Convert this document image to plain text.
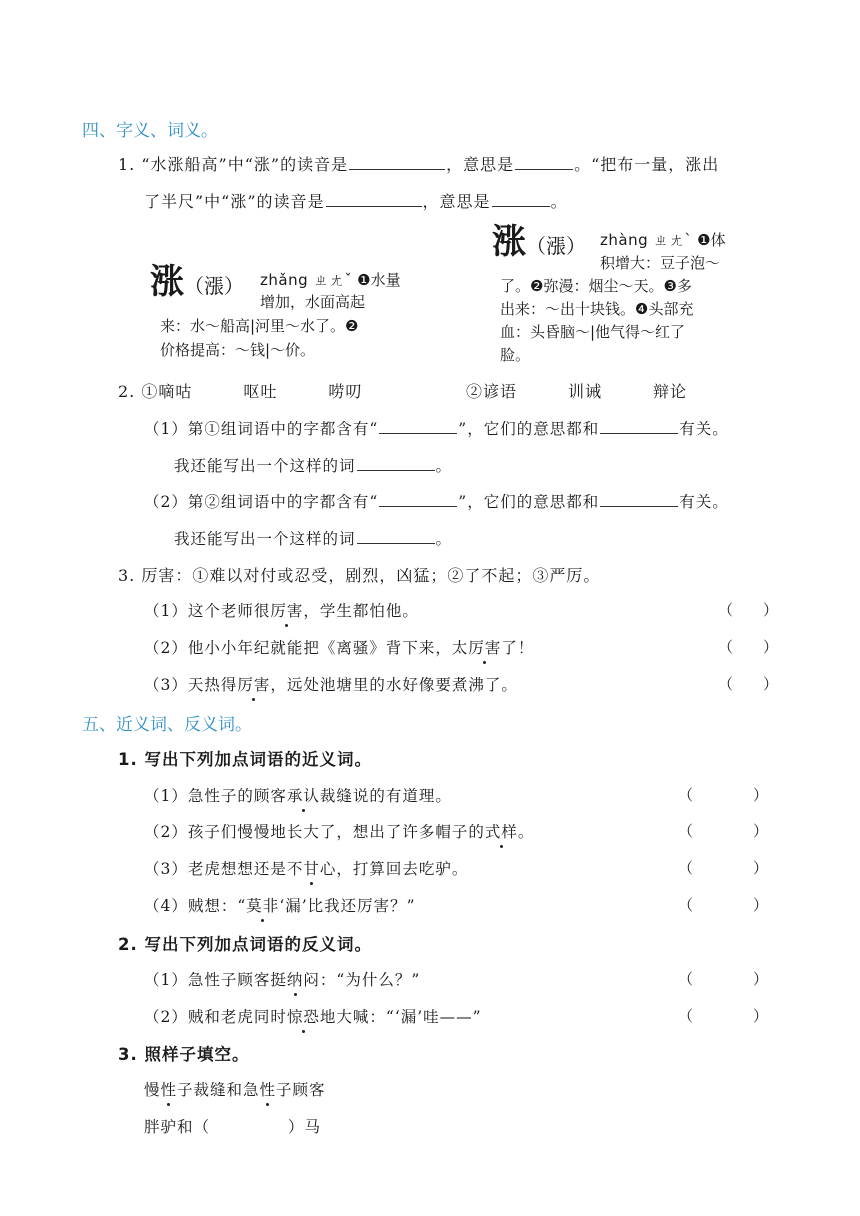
四、字义、词义。
1. “水涨船高”中“涨”的读音是	，意思是	。“把布一量，涨出
了半尺”中“涨”的读音是	，意思是	。
涨（漲） zhǎng ㄓㄤˇ ❶水量
增加，水面高起
来：水～船高|河里～水了。❷
价格提高：～钱|～价。
涨（漲） zhàng ㄓㄤˋ ❶体
积增大：豆子泡～
了。❷弥漫：烟尘～天。❸多
出来：～出十块钱。❹头部充
血：头昏脑～|他气得～红了
脸。
2. ①嘀咕　　　呕吐　　　唠叨	②谚语　　　训诫　　　辩论
（1）第①组词语中的字都含有“	”，它们的意思都和	有关。
我还能写出一个这样的词	。
（2）第②组词语中的字都含有“	”，它们的意思都和	有关。
我还能写出一个这样的词	。
3. 厉害：①难以对付或忍受，剧烈，凶猛；②了不起；③严厉。
（1）这个老师很厉害，学生都怕他。	（　　）
（2）他小小年纪就能把《离骚》背下来，太厉害了！	（　　）
（3）天热得厉害，远处池塘里的水好像要煮沸了。	（　　）
五、近义词、反义词。
1. 写出下列加点词语的近义词。
（1）急性子的顾客承认裁缝说的有道理。	（　　　　）
（2）孩子们慢慢地长大了，想出了许多帽子的式样。	（　　　　）
（3）老虎想想还是不甘心，打算回去吃驴。	（　　　　）
（4）贼想：“莫非‘漏’比我还厉害？”	（　　　　）
2. 写出下列加点词语的反义词。
（1）急性子顾客挺纳闷：“为什么？”	（　　　　）
（2）贼和老虎同时惊恐地大喊：“‘漏’哇——”	（　　　　）
3. 照样子填空。
慢性子裁缝和急性子顾客
胖驴和（	）马
